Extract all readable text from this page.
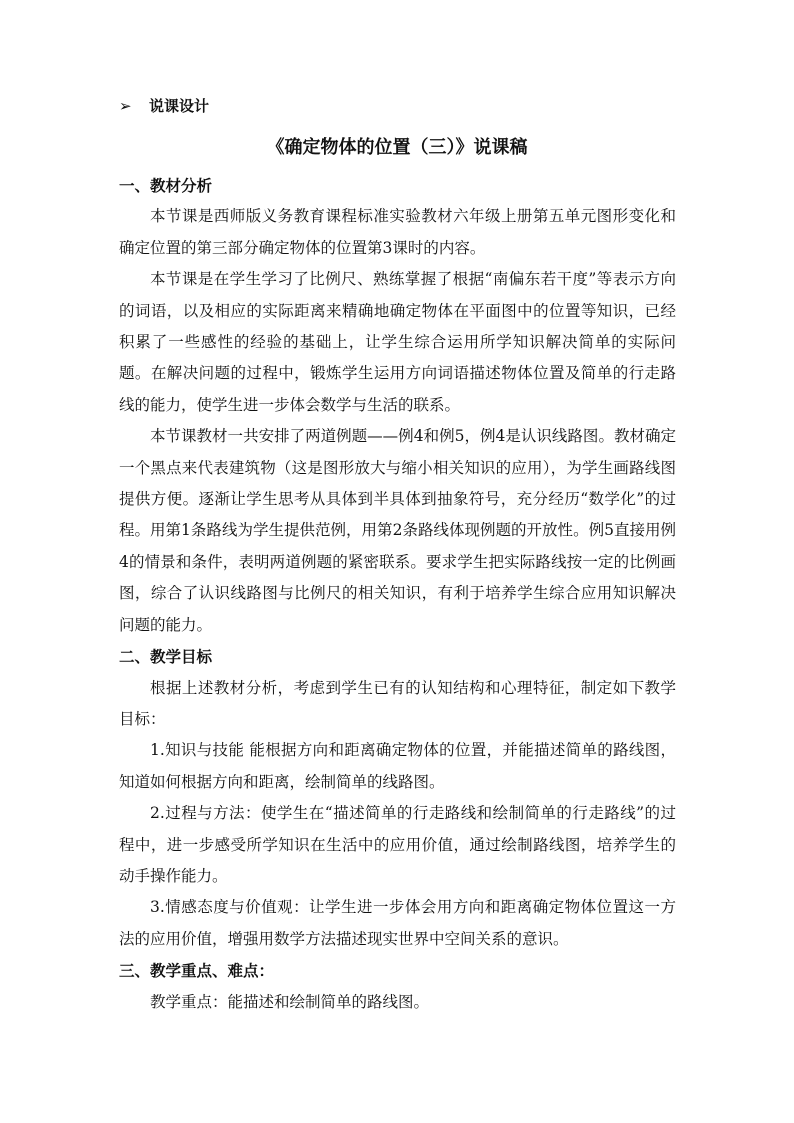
➢ 说课设计
《确定物体的位置（三）》说课稿

一、教材分析

本节课是西师版义务教育课程标准实验教材六年级上册第五单元图形变化和确定位置的第三部分确定物体的位置第3课时的内容。

本节课是在学生学习了比例尺、熟练掌握了根据“南偏东若干度”等表示方向的词语，以及相应的实际距离来精确地确定物体在平面图中的位置等知识，已经积累了一些感性的经验的基础上，让学生综合运用所学知识解决简单的实际问题。在解决问题的过程中，锻炼学生运用方向词语描述物体位置及简单的行走路线的能力，使学生进一步体会数学与生活的联系。

本节课教材一共安排了两道例题——例4和例5，例4是认识线路图。教材确定一个黑点来代表建筑物（这是图形放大与缩小相关知识的应用），为学生画路线图提供方便。逐渐让学生思考从具体到半具体到抽象符号，充分经历“数学化”的过程。用第1条路线为学生提供范例，用第2条路线体现例题的开放性。例5直接用例4的情景和条件，表明两道例题的紧密联系。要求学生把实际路线按一定的比例画图，综合了认识线路图与比例尺的相关知识，有利于培养学生综合应用知识解决问题的能力。

二、教学目标

根据上述教材分析，考虑到学生已有的认知结构和心理特征，制定如下教学目标：

1.知识与技能 能根据方向和距离确定物体的位置，并能描述简单的路线图，知道如何根据方向和距离，绘制简单的线路图。

2.过程与方法：使学生在“描述简单的行走路线和绘制简单的行走路线”的过程中，进一步感受所学知识在生活中的应用价值，通过绘制路线图，培养学生的动手操作能力。

3.情感态度与价值观：让学生进一步体会用方向和距离确定物体位置这一方法的应用价值，增强用数学方法描述现实世界中空间关系的意识。

三、教学重点、难点：

教学重点：能描述和绘制简单的路线图。
